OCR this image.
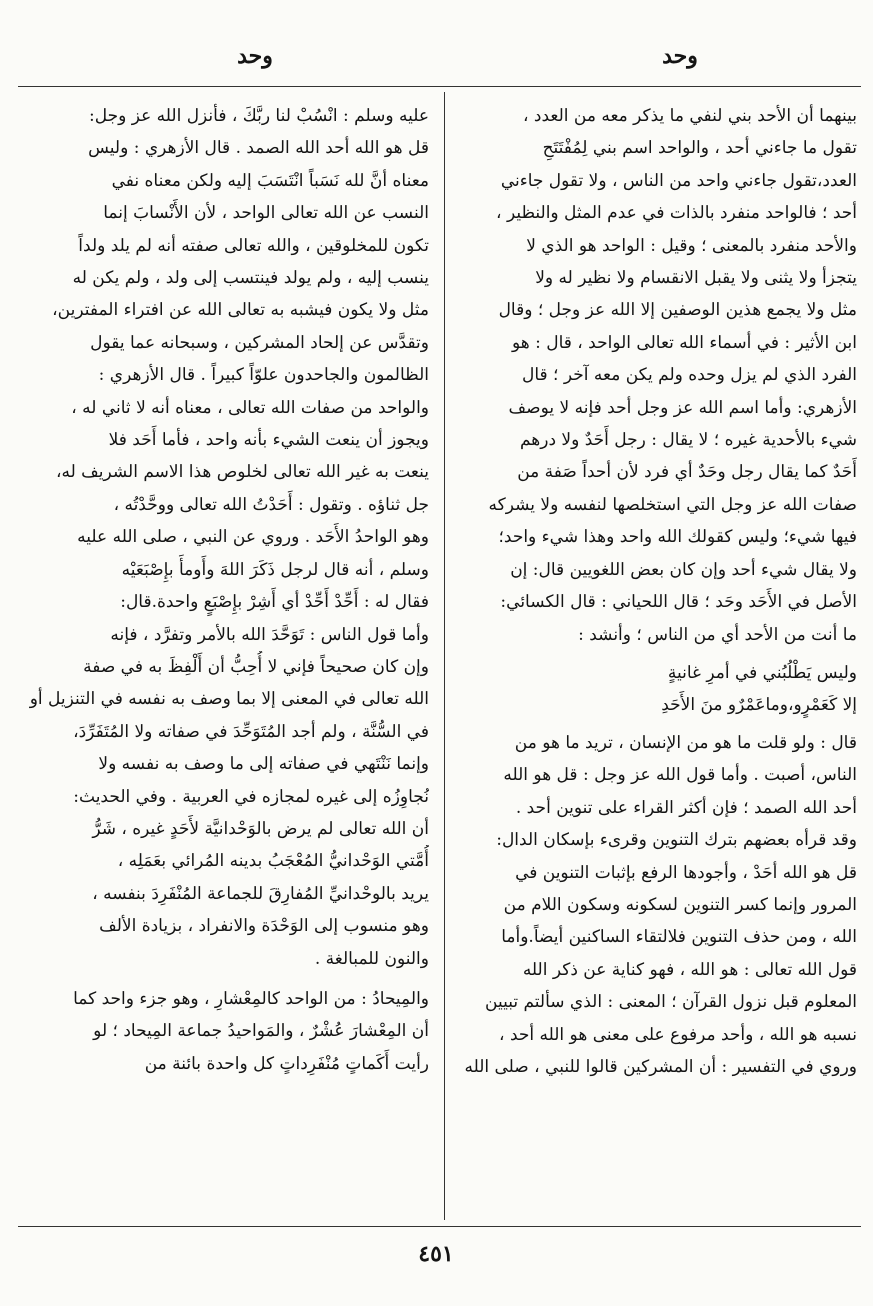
وحد
وحد
بينهما أن الأحد بني لنفي ما يذكر معه من العدد ،
تقول ما جاءني أحد ، والواحد اسم بني لِمُفْتَتَحِ
العدد،تقول جاءني واحد من الناس ، ولا تقول جاءني
أحد ؛ فالواحد منفرد بالذات في عدم المثل والنظير ،
والأحد منفرد بالمعنى ؛ وقيل : الواحد هو الذي لا
يتجزأ ولا يثنى ولا يقبل الانقسام ولا نظير له ولا
مثل ولا يجمع هذين الوصفين إلا الله عز وجل ؛ وقال
ابن الأثير : في أسماء الله تعالى الواحد ، قال : هو
الفرد الذي لم يزل وحده ولم يكن معه آخر ؛ قال
الأزهري: وأما اسم الله عز وجل أحد فإنه لا يوصف
شيء بالأحدية غيره ؛ لا يقال : رجل أَحَدٌ ولا درهم
أَحَدٌ كما يقال رجل وحَدٌ أي فرد لأن أحداً صَفة من
صفات الله عز وجل التي استخلصها لنفسه ولا يشركه
فيها شيء؛ وليس كقولك الله واحد وهذا شيء واحد؛
ولا يقال شيء أحد وإن كان بعض اللغويين قال: إن
الأصل في الأَحَد وحَد ؛ قال اللحياني : قال الكسائي:
ما أنت من الأحد أي من الناس ؛ وأنشد :
وليس يَطْلُبُني في أمرِ غانيةٍ
إلا كَعَمْرٍو،وماعَمْرٌو منَ الأَحَدِ
قال : ولو قلت ما هو من الإنسان ، تريد ما هو من
الناس، أصبت . وأما قول الله عز وجل : قل هو الله
أحد الله الصمد ؛ فإن أكثر القراء على تنوين أحد .
وقد قرأه بعضهم بترك التنوين وقرىء بإسكان الدال:
قل هو الله أحَدْ ، وأجودها الرفع بإثبات التنوين في
المرور وإنما كسر التنوين لسكونه وسكون اللام من
الله ، ومن حذف التنوين فلالتقاء الساكنين أيضاً.وأما
قول الله تعالى : هو الله ، فهو كناية عن ذكر الله
المعلوم قبل نزول القرآن ؛ المعنى : الذي سألتم تبيين
نسبه هو الله ، وأحد مرفوع على معنى هو الله أحد ،
وروي في التفسير : أن المشركين قالوا للنبي ، صلى الله
عليه وسلم : انْسُبْ لنا ربَّكَ ، فأنزل الله عز وجل:
قل هو الله أحد الله الصمد . قال الأزهري : وليس
معناه أنَّ لله نَسَباً انْتَسَبَ إليه ولكن معناه نفي
النسب عن الله تعالى الواحد ، لأن الأَنْسابَ إنما
تكون للمخلوقين ، والله تعالى صفته أنه لم يلد ولداً
ينسب إليه ، ولم يولد فينتسب إلى ولد ، ولم يكن له
مثل ولا يكون فيشبه به تعالى الله عن افتراء المفترين،
وتقدَّس عن إلحاد المشركين ، وسبحانه عما يقول
الظالمون والجاحدون علوّاً كبيراً . قال الأزهري :
والواحد من صفات الله تعالى ، معناه أنه لا ثاني له ،
ويجوز أن ينعت الشيء بأنه واحد ، فأما أَحَد فلا
ينعت به غير الله تعالى لخلوص هذا الاسم الشريف له،
جل ثناؤه . وتقول : أَحَدْتُ الله تعالى ووحَّدْتُه ،
وهو الواحدُ الأَحَد . وروي عن النبي ، صلى الله عليه
وسلم ، أنه قال لرجل ذَكَرَ اللهَ وأَومأَ بإِصْبَعَيْه
فقال له : أَحِّدْ أَحِّدْ أي أَشِرْ بإِصْبَعٍ واحدة.قال:
وأما قول الناس : تَوَحَّدَ الله بالأمر وتفرَّد ، فإنه
وإن كان صحيحاً فإني لا أُحِبُّ أن أَلْفِظَ به في صفة
الله تعالى في المعنى إلا بما وصف به نفسه في التنزيل أو
في السُّنَّة ، ولم أجد المُتَوَحِّدَ في صفاته ولا المُتَفَرِّدَ،
وإنما نَنْتَهي في صفاته إلى ما وصف به نفسه ولا
نُجاوِزُه إلى غيره لمجازه في العربية . وفي الحديث:
أن الله تعالى لم يرض بالوَحْدانيَّة لأَحَدٍ غيره ، شَرُّ
أُمَّتي الوَحْدانيُّ المُعْجَبُ بدينه المُرائي بعَمَلِه ،
يريد بالوحْدانيِّ المُفارِقَ للجماعة المُنْفَرِدَ بنفسه ،
وهو منسوب إلى الوَحْدَة والانفراد ، بزيادة الألف
والنون للمبالغة .
والمِيحادُ : من الواحد كالمِعْشارِ ، وهو جزء واحد كما
أن المِعْشارَ عُشْرٌ ، والمَواحيدُ جماعة المِيحاد ؛ لو
رأيت أَكَماتٍ مُنْفَرِداتٍ كل واحدة بائنة من
٤٥١
